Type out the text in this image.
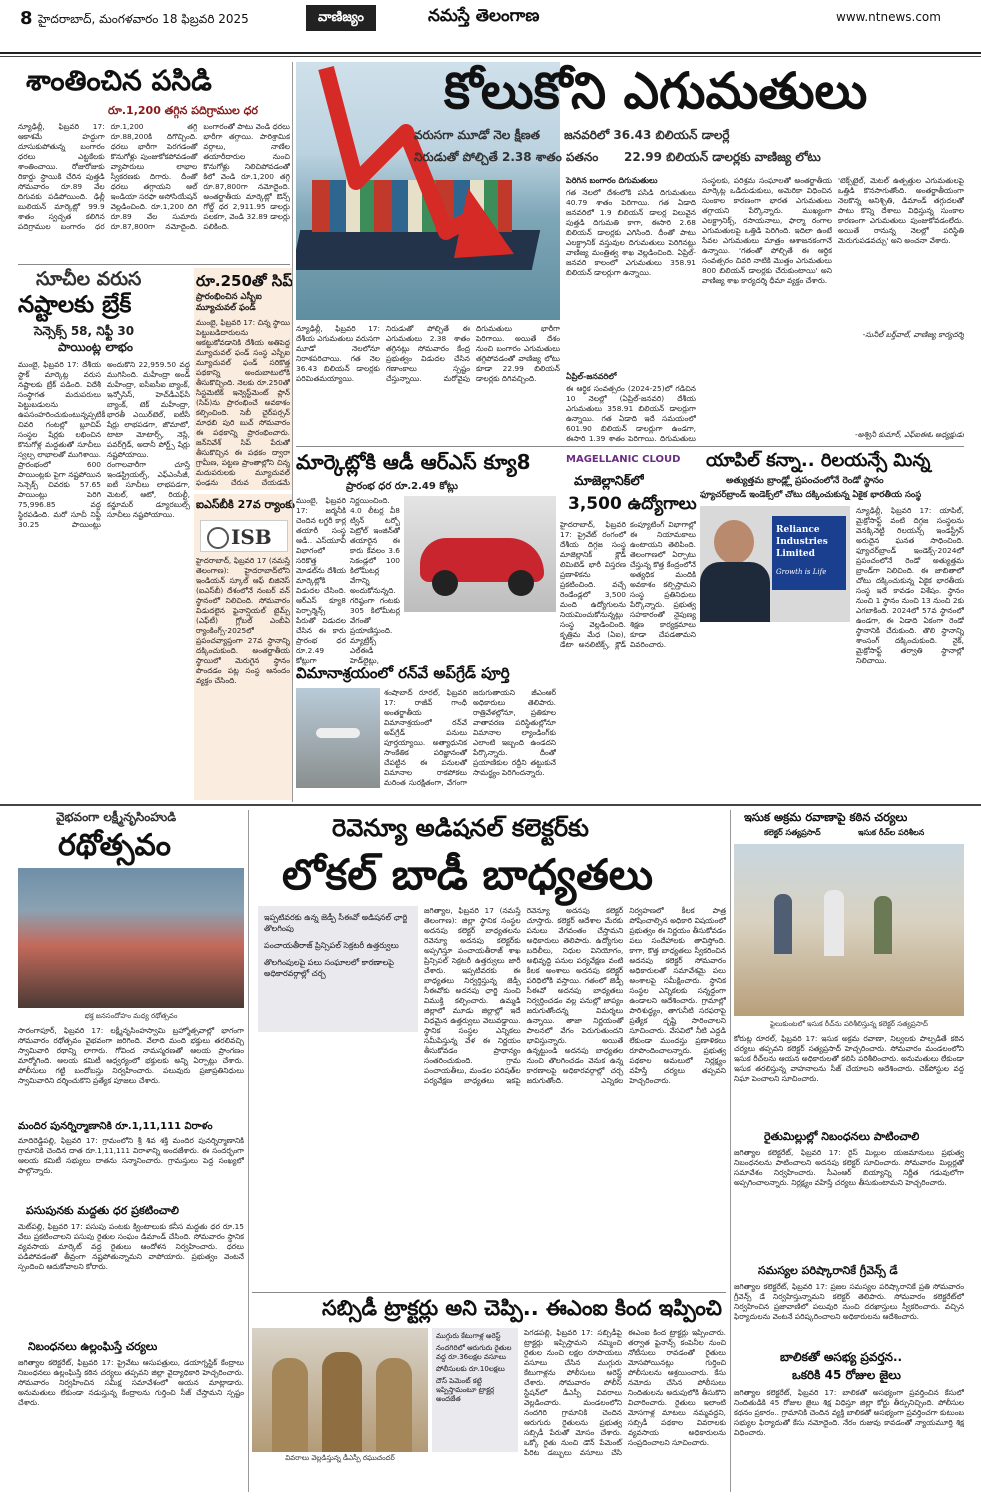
8 హైదరాబాద్, మంగళవారం 18 ఫిబ్రవరి 2025	వాణిజ్యం	నమస్తే తెలంగాణ	www.ntnews.com
శాంతించిన పసిడి
రూ.1,200 తగ్గిన పదిగ్రాముల ధర
న్యూఢిల్లీ, ఫిబ్రవరి 17: ఆకాశమే హద్దుగా దూసుకుపోతున్న బంగారం ధరలు ఎట్టకేలకు శాంతించాయి. రోజురోజుకు రికార్డు స్థాయికి చేరిన పుత్తడి సోమవారం రూ.89 వేల దిగువకు పడిపోయింది. ఢిల్లీ బులియన్ మార్కెట్లో 99.9 శాతం స్వచ్ఛత కలిగిన పదిగ్రాముల బంగారం ధర రూ.1,200 తగ్గి రూ.88,200కి దిగొచ్చింది. ధరలు భారీగా పెరగడంతో కొనుగోళ్లు పుంజుకోకపోవడంతో వ్యాపారులు లాభాల స్వీకరణకు దిగారు. దీంతో ధరలు తగ్గాయని ఆల్ ఇండియా సరఫా అసోసియేషన్ వెల్లడించింది. రూ.1,200 దిగి రూ.89 వేల సుమారు రూ.87,800గా నమోదైంది. బంగారంతో పాటు వెండి ధరలు భారీగా తగ్గాయి. పారిశ్రామిక వర్గాలు, నాణేల తయారీదారుల నుంచి కొనుగోళ్లు నిలిచిపోవడంతో కిలో వెండి రూ.1,200 తగ్గి రూ.87,800గా నమోదైంది. అంతర్జాతీయ మార్కెట్లో ఔన్స్ గోల్డ్ ధర 2,911.95 డాలర్లు పలకగా, వెండి 32.89 డాలర్లు పలికింది.
సూచీల వరుస
నష్టాలకు బ్రేక్
సెన్సెక్స్ 58, నిఫ్టీ 30
పాయింట్ల లాభం
ముంబై, ఫిబ్రవరి 17: దేశీయ స్టాక్ మార్కెట్ల వరుస నష్టాలకు బ్రేక్ పడింది. విదేశీ సంస్థాగత మదుపరులు పెట్టుబడులను ఉపసంహరించుకుంటున్నప్పటికీ చివరి గంటల్లో బ్లూచిప్ సంస్థల షేర్లకు లభించిన కొనుగోళ్ల మద్దతుతో సూచీలు స్వల్ప లాభాలతో ముగిశాయి. ప్రారంభంలో 600 పాయింట్లకు పైగా నష్టపోయిన సెన్సెక్స్ చివరకు 57.65 పాయింట్లు పెరిగి 75,996.85 వద్ద స్థిరపడింది. మరో సూచీ నిఫ్టీ 30.25 పాయింట్లు అందుకొని 22,959.50 వద్ద ముగిసింది. మహీంద్రా అండ్ మహీంద్రా, ఐసీఐసీఐ బ్యాంక్, ఇన్ఫోసిస్, హెచ్‌డీఎఫ్‌సీ బ్యాంక్, టెక్ మహీంద్రా, భారతీ ఎయిర్‌టెల్, ఐటీసీ షేర్లు లాభపడగా, జొమాటో, టాటా మోటార్స్, నెస్లే, పవర్‌గ్రిడ్, అదానీ పోర్ట్స్ షేర్లు నష్టపోయాయి. రంగాలవారీగా చూస్తే ఇండస్ట్రియల్స్, ఎఫ్‌ఎంసీజీ, ఐటీ సూచీలు లాభపడగా, మెటల్, ఆటో, రియల్టీ, కన్జూమర్ డ్యూరబుల్స్ సూచీలు నష్టపోయాయి.
రూ.250తో సిప్
ప్రారంభించిన ఎస్బీఐ మ్యూచువల్ ఫండ్
ముంబై, ఫిబ్రవరి 17: చిన్న స్థాయి పెట్టుబడిదారులను ఆకట్టుకోవడానికి దేశీయ అతిపెద్ద మ్యూచువల్ ఫండ్ సంస్థ ఎస్బీఐ మ్యూచువల్ ఫండ్ సరికొత్త పథకాన్ని అందుబాటులోకి తీసుకొచ్చింది. నెలకు రూ.250తో సిస్టమెటిక్ ఇన్వెస్ట్‌మెంట్ ప్లాన్ (సిప్)ను ప్రారంభించే అవకాశం కల్పించింది. సెబీ చైర్‌పర్సన్ మాధబి పురి బుచ్ సోమవారం ఈ పథకాన్ని ప్రారంభించారు. జన్‌నివేశ్ సిప్ పేరుతో తీసుకొచ్చిన ఈ పథకం ద్వారా గ్రామీణ, పట్టణ ప్రాంతాల్లోని చిన్న మదుపరులకు మ్యూచువల్ ఫండ్లను చేరువ చేయడమే
ఐఎస్‌బీకి 27వ ర్యాంకు
ISB
హైదరాబాద్, ఫిబ్రవరి 17 (నమస్తే తెలంగాణ): హైదరాబాద్‌లోని ఇండియన్ స్కూల్ ఆఫ్ బిజినెస్ (ఐఎస్‌బీ) దేశంలోనే నంబర్ వన్ స్థానంలో నిలిచింది. సోమవారం విడుదలైన ఫైనాన్షియల్ టైమ్స్ (ఎఫ్‌టీ) గ్లోబల్ ఎంబీఏ ర్యాంకింగ్స్-2025లో ప్రపంచవ్యాప్తంగా 27వ స్థానాన్ని దక్కించుకుంది. అంతర్జాతీయ స్థాయిలో మెరుగైన స్థానం పొందడం పట్ల సంస్థ ఆనందం వ్యక్తం చేసింది.
కోలుకోని ఎగుమతులు
వరుసగా మూడో నెల క్షీణత జనవరిలో 36.43 బిలియన్ డాలర్లే
నిరుడుతో పోల్చితే 2.38 శాతం పతనం 22.99 బిలియన్ డాలర్లకు వాణిజ్య లోటు
న్యూఢిల్లీ, ఫిబ్రవరి 17: దేశీయ ఎగుమతులు వరుసగా మూడో నెలలోనూ నిరాశపరిచాయి. గత నెల 36.43 బిలియన్ డాలర్లకు పరిమితమయ్యాయి. నిరుడుతో పోల్చితే ఈ ఎగుమతులు 2.38 శాతం తగ్గినట్లు సోమవారం కేంద్ర ప్రభుత్వం విడుదల చేసిన గణాంకాలు స్పష్టం చేస్తున్నాయి. మరోవైపు దిగుమతులు భారీగా పెరిగాయి. అయితే దేశం నుంచి బంగారం ఎగుమతులు తగ్గిపోవడంతో వాణిజ్య లోటు కూడా 22.99 బిలియన్ డాలర్లకు దిగివచ్చింది.
పెరిగిన బంగారం దిగుమతులు
గత నెలలో దేశంలోకి పసిడి దిగుమతులు 40.79 శాతం పెరిగాయి. గత ఏడాది జనవరిలో 1.9 బిలియన్ డాలర్ల విలువైన పుత్తడి దిగుమతి కాగా, ఈసారి 2.68 బిలియన్ డాలర్లకు ఎగిసింది. దీంతో పాటు ఎలక్ట్రానిక్ వస్తువుల దిగుమతులు పెరిగినట్లు వాణిజ్య మంత్రిత్వ శాఖ వెల్లడించింది. ఏప్రిల్-జనవరి కాలంలో ఎగుమతులు 358.91 బిలియన్ డాలర్లుగా ఉన్నాయి.
ఏప్రిల్-జనవరిలో
ఈ ఆర్థిక సంవత్సరం (2024-25)లో గడిచిన 10 నెలల్లో (ఏప్రిల్-జనవరి) దేశీయ ఎగుమతులు 358.91 బిలియన్ డాలర్లుగా ఉన్నాయి. గత ఏడాది ఇదే సమయంలో 601.90 బిలియన్ డాలర్లుగా ఉండగా, ఈసారి 1.39 శాతం పెరిగాయి. దిగుమతులు
సంస్థలకు, పరిశ్రమ సంఘాలతో అంతర్జాతీయ మార్కెట్ల ఒడిదుడుకులు, అమెరికా విధించిన సుంకాల కారణంగా భారత ఎగుమతులు తగ్గాయని పేర్కొన్నారు. ముఖ్యంగా ఎలక్ట్రానిక్స్, రసాయనాలు, ఫార్మా రంగాల ఎగుమతులపై ఒత్తిడి పెరిగింది. ఇదిలా ఉంటే సేవల ఎగుమతులు మాత్రం ఆశాజనకంగానే ఉన్నాయి. 'గతంతో పోల్చితే ఈ ఆర్థిక సంవత్సరం చివరి నాటికి మొత్తం ఎగుమతులు 800 బిలియన్ డాలర్లకు చేరుకుంటాయి' అని వాణిజ్య శాఖ కార్యదర్శి ధీమా వ్యక్తం చేశారు.
'టెక్స్‌టైల్, మెటల్ ఉత్పత్తుల ఎగుమతులపై ఒత్తిడి కొనసాగుతోంది. అంతర్జాతీయంగా నెలకొన్న అనిశ్చితి, డిమాండ్ తగ్గుదలతో పాటు కొన్ని దేశాలు విధిస్తున్న సుంకాల కారణంగా ఎగుమతులు పుంజుకోవడంలేదు. అయితే రానున్న నెలల్లో పరిస్థితి మెరుగుపడవచ్చు' అని అంచనా వేశారు.
-సునీల్ బర్త్‌వాల్, వాణిజ్య కార్యదర్శి
-అశ్వినీ కుమార్, ఎఫ్ఐఈఓ అధ్యక్షుడు
మార్కెట్లోకి ఆడీ ఆర్ఎస్ క్యూ8
ప్రారంభ ధర రూ.2.49 కోట్లు
ముంబై, ఫిబ్రవరి 17: జర్మనీకి చెందిన లగ్జరీ కార్ల తయారీ సంస్థ ఆడీ.. ఎస్‌యూవీ విభాగంలో సరికొత్త మోడల్‌ను దేశీయ మార్కెట్లోకి విడుదల చేసింది. ఆర్ఎస్ క్యూ8 పెర్ఫార్మెన్స్ పేరుతో విడుదల చేసిన ఈ కారు ప్రారంభ ధర రూ.2.49 కోట్లుగా నిర్ణయించింది. 4.0 లీటర్ల వీ8 ట్విన్ టర్బో పెట్రోల్ ఇంజిన్‌తో తయారైన ఈ కారు కేవలం 3.6 సెకండ్లలో 100 కిలోమీటర్ల వేగాన్ని అందుకోనున్నది. గరిష్ఠంగా గంటకు 305 కిలోమీటర్ల వేగంతో ప్రయాణిస్తుంది. మ్యాట్రిక్స్ ఎల్ఈడీ హెడ్‌లైట్లు,
విమానాశ్రయంలో రన్‌వే అప్‌గ్రేడ్ పూర్తి
శంషాబాద్ రూరల్, ఫిబ్రవరి 17: రాజీవ్ గాంధీ అంతర్జాతీయ విమానాశ్రయంలో రన్‌వే అప్‌గ్రేడ్ పనులు పూర్తయ్యాయి. అత్యాధునిక సాంకేతిక పరిజ్ఞానంతో చేపట్టిన ఈ పనులతో విమానాల రాకపోకలు మరింత సురక్షితంగా, వేగంగా జరుగుతాయని జీఎంఆర్ అధికారులు తెలిపారు. రాత్రివేళల్లోనూ, ప్రతికూల వాతావరణ పరిస్థితుల్లోనూ విమానాల ల్యాండింగ్‌కు ఎలాంటి ఇబ్బంది ఉండదని పేర్కొన్నారు. దీంతో ప్రయాణికుల రద్దీని తట్టుకునే సామర్థ్యం పెరిగిందన్నారు.
MAGELLANIC CLOUD
మాజెల్లానిక్‌లో
3,500 ఉద్యోగాలు
హైదరాబాద్, ఫిబ్రవరి 17: ప్రైవేట్ రంగంలో దేశీయ దిగ్గజ సంస్థ మాజెల్లానిక్ క్లౌడ్ లిమిటెడ్ భారీ విస్తరణ ప్రణాళికను ప్రకటించింది. వచ్చే రెండేండ్లలో 3,500 మంది ఉద్యోగులను నియమించుకోనున్నట్లు సంస్థ వెల్లడించింది. కృత్రిమ మేధ (ఏఐ), డేటా అనలిటిక్స్, క్లౌడ్ కంప్యూటింగ్ విభాగాల్లో ఈ నియామకాలు ఉంటాయని తెలిపింది. తెలంగాణలో ఏర్పాటు చేస్తున్న కొత్త కేంద్రంలోనే అత్యధిక మందికి అవకాశం కల్పిస్తామని సంస్థ ప్రతినిధులు పేర్కొన్నారు. ప్రభుత్వ సహకారంతో నైపుణ్య శిక్షణ కార్యక్రమాలు కూడా చేపడతామని వివరించారు.
యాపిల్ కన్నా.. రిలయన్సే మిన్న
అత్యుత్తమ బ్రాండ్ల్లో ప్రపంచంలోనే రెండో స్థానం
ఫ్యూచర్‌బ్రాండ్ ఇండెక్స్‌లో చోటు దక్కించుకున్న ఏకైక భారతీయ సంస్థ
Reliance Industries Limited
Growth is Life
న్యూఢిల్లీ, ఫిబ్రవరి 17: యాపిల్, మైక్రోసాఫ్ట్ వంటి దిగ్గజ సంస్థలను వెనక్కినెట్టి రిలయన్స్ ఇండస్ట్రీస్ అరుదైన ఘనత సాధించింది. ఫ్యూచర్‌బ్రాండ్ ఇండెక్స్-2024లో ప్రపంచంలోనే రెండో అత్యుత్తమ బ్రాండ్‌గా నిలిచింది. ఈ జాబితాలో చోటు దక్కించుకున్న ఏకైక భారతీయ సంస్థ ఇదే కావడం విశేషం. స్థానం నుంచి 1 స్థానం నుంచి 13 నుంచి 2కు ఎగబాకింది. 2024లో 57వ స్థానంలో ఉండగా, ఈ ఏడాది ఏకంగా రెండో స్థానానికి చేరుకుంది. తొలి స్థానాన్ని శాంసంగ్ దక్కించుకుంది. నైక్, మైక్రోసాఫ్ట్ తర్వాతి స్థానాల్లో నిలిచాయి.
వైభవంగా లక్ష్మీనృసింహుడి
రథోత్సవం
భక్త జనసందోహం మధ్య రథోత్సవం
సారంగాపూర్, ఫిబ్రవరి 17: లక్ష్మీనృసింహస్వామి బ్రహ్మోత్సవాల్లో భాగంగా సోమవారం రథోత్సవం వైభవంగా జరిగింది. వేలాది మంది భక్తులు తరలివచ్చి స్వామివారి రథాన్ని లాగారు. గోవింద నామస్మరణతో ఆలయ ప్రాంగణం మార్మోగింది. ఆలయ కమిటీ ఆధ్వర్యంలో భక్తులకు అన్ని ఏర్పాట్లు చేశారు. పోలీసులు గట్టి బందోబస్తు నిర్వహించారు. పలువురు ప్రజాప్రతినిధులు స్వామివారిని దర్శించుకొని ప్రత్యేక పూజలు చేశారు.
మందిర పునర్నిర్మాణానికి రూ.1,11,111 విరాళం
మాదిరెడ్డిపల్లి, ఫిబ్రవరి 17: గ్రామంలోని శ్రీ శివ శక్తి మందిర పునర్నిర్మాణానికి గ్రామానికి చెందిన దాత రూ.1,11,111 విరాళాన్ని అందజేశారు. ఈ సందర్భంగా ఆలయ కమిటీ సభ్యులు దాతను సన్మానించారు. గ్రామస్తులు పెద్ద సంఖ్యలో పాల్గొన్నారు.
పసుపునకు మద్దతు ధర ప్రకటించాలి
మెట్‌పల్లి, ఫిబ్రవరి 17: పసుపు పంటకు క్వింటాలుకు కనీస మద్దతు ధర రూ.15 వేలు ప్రకటించాలని పసుపు రైతుల సంఘం డిమాండ్ చేసింది. సోమవారం స్థానిక వ్యవసాయ మార్కెట్ వద్ద రైతులు ఆందోళన నిర్వహించారు. ధరలు పడిపోవడంతో తీవ్రంగా నష్టపోతున్నామని వాపోయారు. ప్రభుత్వం వెంటనే స్పందించి ఆదుకోవాలని కోరారు.
నిబంధనలు ఉల్లంఘిస్తే చర్యలు
జగిత్యాల కలెక్టరేట్, ఫిబ్రవరి 17: ప్రైవేటు ఆసుపత్రులు, డయాగ్నస్టిక్ కేంద్రాలు నిబంధనలు ఉల్లంఘిస్తే కఠిన చర్యలు తప్పవని జిల్లా వైద్యాధికారి హెచ్చరించారు. సోమవారం నిర్వహించిన సమీక్ష సమావేశంలో ఆయన మాట్లాడారు. అనుమతులు లేకుండా నడుస్తున్న కేంద్రాలను గుర్తించి సీజ్ చేస్తామని స్పష్టం చేశారు.
రెవెన్యూ అడిషనల్ కలెక్టర్‌కు
లోకల్ బాడీ బాధ్యతలు
ఇప్పటివరకు ఉన్న జెడ్పీ సీఈవో అడిషనల్ ఛార్జి తొలగింపు
పంచాయతీరాజ్ ప్రిన్సిపల్ సెక్రటరీ ఉత్తర్వులు
తొలగింపులపై పలు సంఘాలలో కారణాలపై అధికారవర్గాల్లో చర్చ
జగిత్యాల, ఫిబ్రవరి 17 (నమస్తే తెలంగాణ): జిల్లా స్థానిక సంస్థల అదనపు కలెక్టర్ బాధ్యతలను రెవెన్యూ అదనపు కలెక్టర్‌కు అప్పగిస్తూ పంచాయతీరాజ్ శాఖ ప్రిన్సిపల్ సెక్రటరీ ఉత్తర్వులు జారీ చేశారు. ఇప్పటివరకు ఈ బాధ్యతలు నిర్వర్తిస్తున్న జెడ్పీ సీఈవోకు అదనపు ఛార్జి నుంచి విముక్తి కల్పించారు. ఉమ్మడి జిల్లాలో మూడు జిల్లాల్లో ఇదే విధమైన ఉత్తర్వులు వెలువడ్డాయి. స్థానిక సంస్థల ఎన్నికలు సమీపిస్తున్న వేళ ఈ నిర్ణయం తీసుకోవడం ప్రాధాన్యం సంతరించుకుంది. గ్రామ పంచాయతీలు, మండల పరిషత్‌ల పర్యవేక్షణ బాధ్యతలు ఇకపై రెవెన్యూ అదనపు కలెక్టర్ చూస్తారు. కలెక్టర్ ఆదేశాల మేరకు పనులు వేగవంతం చేస్తామని అధికారులు తెలిపారు. ఉద్యోగుల బదిలీలు, నిధుల వినియోగం, అభివృద్ధి పనుల పర్యవేక్షణ వంటి కీలక అంశాలు అదనపు కలెక్టర్ పరిధిలోకి వస్తాయి. గతంలో జెడ్పీ సీఈవో అదనపు బాధ్యతలు నిర్వర్తించడం వల్ల పనుల్లో జాప్యం జరుగుతోందన్న విమర్శలు ఉన్నాయి. తాజా నిర్ణయంతో పాలనలో వేగం పెరుగుతుందని భావిస్తున్నారు. అయితే ఉన్నట్టుండి అదనపు బాధ్యతల నుంచి తొలగించడం వెనుక ఉన్న కారణాలపై అధికారవర్గాల్లో చర్చ జరుగుతోంది. ఎన్నికల నిర్వహణలో కీలక పాత్ర పోషించాల్సిన అధికారి విషయంలో ప్రభుత్వం ఈ నిర్ణయం తీసుకోవడం పలు సందేహాలకు తావిస్తోంది. కాగా, కొత్త బాధ్యతలు స్వీకరించిన అదనపు కలెక్టర్ సోమవారం అధికారులతో సమావేశమై పలు అంశాలపై సమీక్షించారు. స్థానిక సంస్థల ఎన్నికలకు సన్నద్ధంగా ఉండాలని ఆదేశించారు. గ్రామాల్లో పారిశుద్ధ్యం, తాగునీటి సరఫరాపై ప్రత్యేక దృష్టి సారించాలని సూచించారు. వేసవిలో నీటి ఎద్దడి లేకుండా ముందస్తు ప్రణాళికలు రూపొందించాలన్నారు. ప్రభుత్వ పథకాల అమలులో నిర్లక్ష్యం వహిస్తే చర్యలు తప్పవని హెచ్చరించారు.
సబ్సిడీ ట్రాక్టర్లు అని చెప్పి.. ఈఎంఐ కింద ఇప్పించి
ముగ్గురు కేటుగాళ్ల అరెస్ట్
నందగిరిలో ఆరుగురు రైతుల వద్ద రూ.36లక్షల వసూలు
పోలీసులకు రూ.10లక్షలు
దౌస్ పెమెంట్ కట్టి ఇప్పిస్తామంటూ ట్రాక్టర్ల అందజేత
వివరాలు వెల్లడిస్తున్న డీఎస్పీ రఘుచందర్
పెగడపల్లి, ఫిబ్రవరి 17: సబ్సిడీపై ట్రాక్టర్లు ఇప్పిస్తామని నమ్మించి రైతుల నుంచి లక్షల రూపాయలు వసూలు చేసిన ముగ్గురు కేటుగాళ్లను పోలీసులు అరెస్ట్ చేశారు. సోమవారం పోలీస్ స్టేషన్‌లో డీఎస్పీ వివరాలు వెల్లడించారు. మండలంలోని నందగిరి గ్రామానికి చెందిన ఆరుగురు రైతులను ప్రభుత్వ సబ్సిడీ పేరుతో మోసం చేశారు. ఒక్కో రైతు నుంచి డౌన్ పేమెంట్ పేరిట డబ్బులు వసూలు చేసి ఈఎంఐ కింద ట్రాక్టర్లు ఇప్పించారు. తర్వాత ఫైనాన్స్ కంపెనీల నుంచి నోటీసులు రావడంతో రైతులు మోసపోయినట్లు గుర్తించి పోలీసులను ఆశ్రయించారు. కేసు నమోదు చేసిన పోలీసులు నిందితులను అదుపులోకి తీసుకొని విచారించారు. రైతులు ఇలాంటి మోసగాళ్ల మాటలు నమ్మవద్దని, సబ్సిడీ పథకాల వివరాలకు వ్యవసాయ అధికారులను సంప్రదించాలని సూచించారు.
ఇసుక అక్రమ రవాణాపై కఠిన చర్యలు
కలెక్టర్ సత్యప్రసాద్	ఇసుక రీచ్‌ల పరిశీలన
ఫైలుకుంటలో ఇసుక రీచ్‌ను పరిశీలిస్తున్న కలెక్టర్ సత్యప్రసాద్
కోరుట్ల రూరల్, ఫిబ్రవరి 17: ఇసుక అక్రమ రవాణా, నిల్వలకు పాల్పడితే కఠిన చర్యలు తప్పవని కలెక్టర్ సత్యప్రసాద్ హెచ్చరించారు. సోమవారం మండలంలోని ఇసుక రీచ్‌లను ఆయన అధికారులతో కలిసి పరిశీలించారు. అనుమతులు లేకుండా ఇసుక తరలిస్తున్న వాహనాలను సీజ్ చేయాలని ఆదేశించారు. చెక్‌పోస్టుల వద్ద నిఘా పెంచాలని సూచించారు.
రైతుమిల్లుల్లో నిబంధనలు పాటించాలి
జగిత్యాల కలెక్టరేట్, ఫిబ్రవరి 17: రైస్ మిల్లుల యజమానులు ప్రభుత్వ నిబంధనలను పాటించాలని అదనపు కలెక్టర్ సూచించారు. సోమవారం మిల్లర్లతో సమావేశం నిర్వహించారు. సీఎంఆర్ బియ్యాన్ని నిర్ణీత గడువులోగా అప్పగించాలన్నారు. నిర్లక్ష్యం వహిస్తే చర్యలు తీసుకుంటామని హెచ్చరించారు.
సమస్యల పరిష్కారానికే గ్రీవెన్స్ డే
జగిత్యాల కలెక్టరేట్, ఫిబ్రవరి 17: ప్రజల సమస్యల పరిష్కారానికే ప్రతి సోమవారం గ్రీవెన్స్ డే నిర్వహిస్తున్నామని కలెక్టర్ తెలిపారు. సోమవారం కలెక్టరేట్‌లో నిర్వహించిన ప్రజావాణిలో పలువురి నుంచి దరఖాస్తులు స్వీకరించారు. వచ్చిన ఫిర్యాదులను వెంటనే పరిష్కరించాలని అధికారులను ఆదేశించారు.
బాలికతో అసభ్య ప్రవర్తన..
ఒకరికి 45 రోజుల జైలు
జగిత్యాల కలెక్టరేట్, ఫిబ్రవరి 17: బాలికతో అసభ్యంగా ప్రవర్తించిన కేసులో నిందితుడికి 45 రోజుల జైలు శిక్ష విధిస్తూ జిల్లా కోర్టు తీర్పునిచ్చింది. పోలీసుల కథనం ప్రకారం.. గ్రామానికి చెందిన వ్యక్తి బాలికతో అసభ్యంగా ప్రవర్తించగా కుటుంబ సభ్యుల ఫిర్యాదుతో కేసు నమోదైంది. నేరం రుజువు కావడంతో న్యాయమూర్తి శిక్ష విధించారు.
